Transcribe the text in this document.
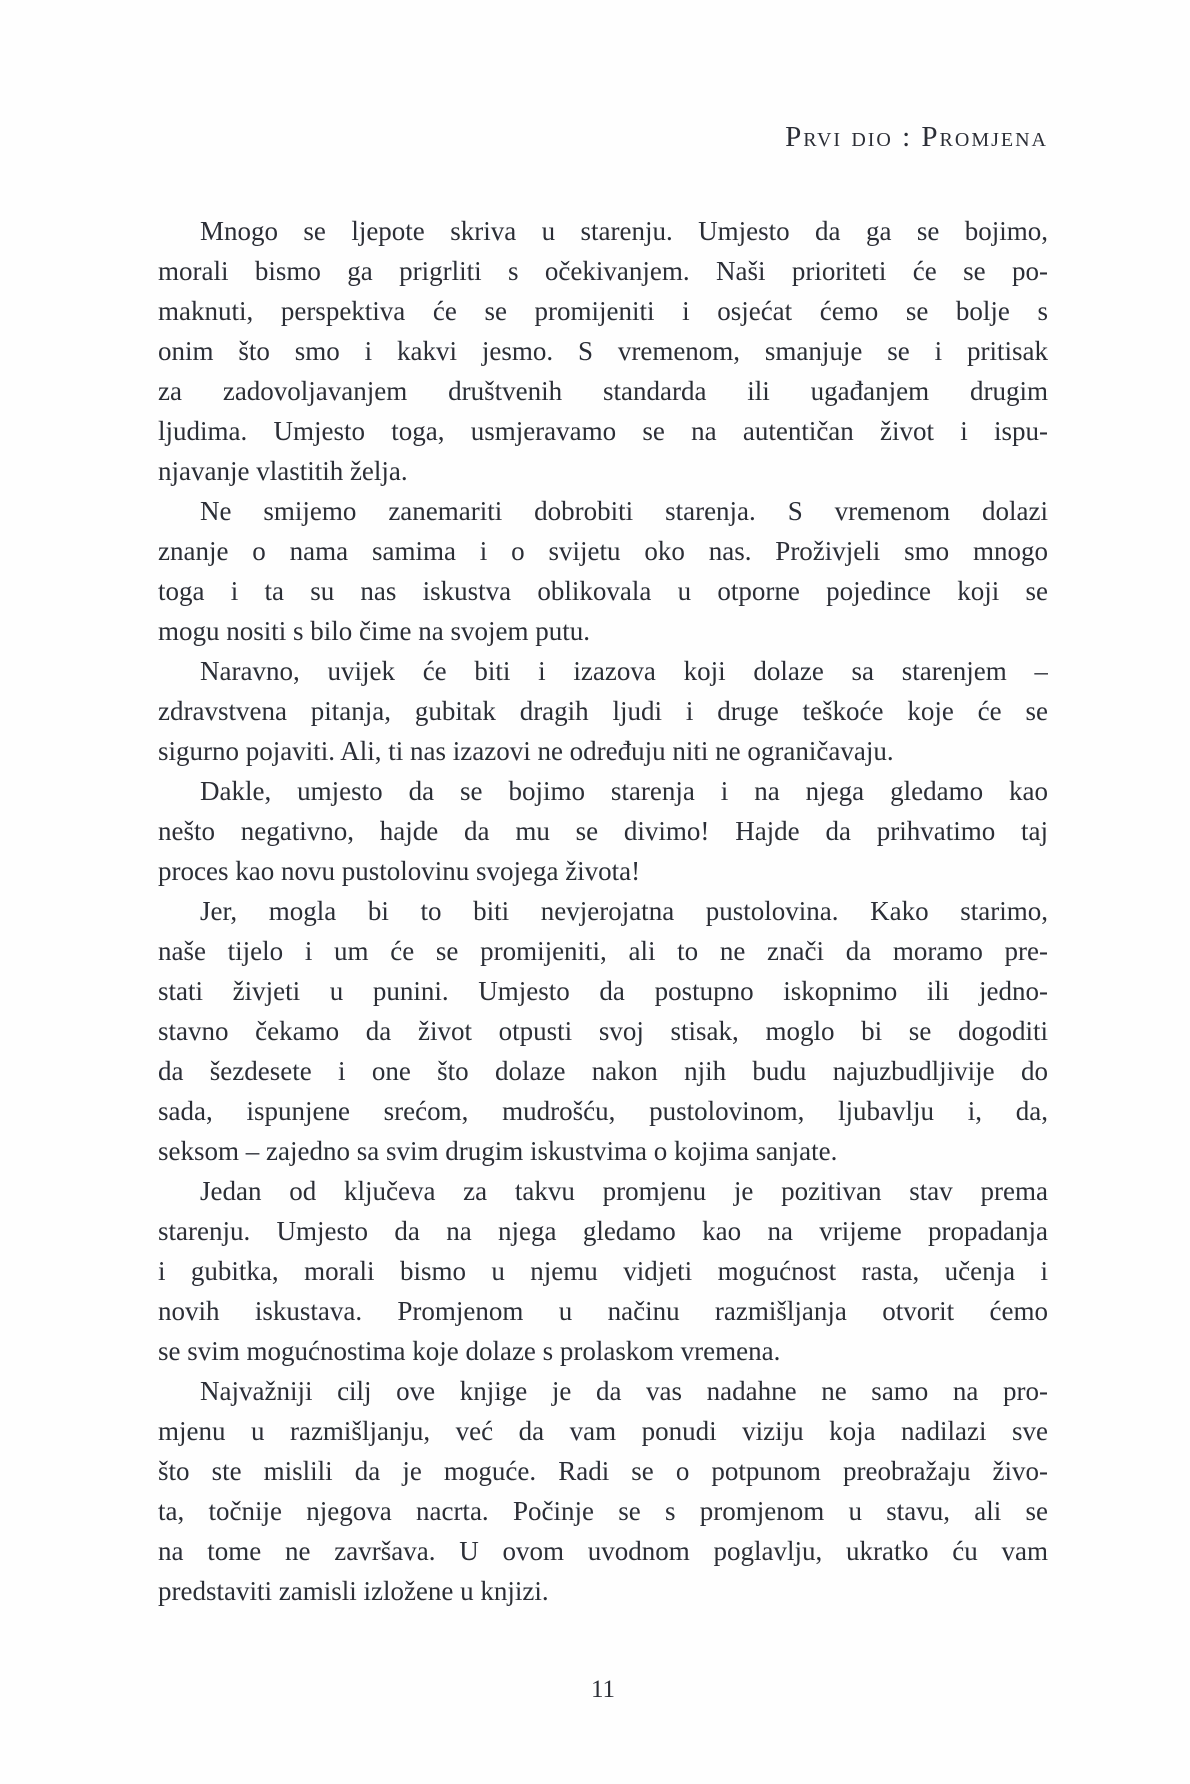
Prvi dio : Promjena
Mnogo se ljepote skriva u starenju. Umjesto da ga se bojimo,
morali bismo ga prigrliti s očekivanjem. Naši prioriteti će se po-
maknuti, perspektiva će se promijeniti i osjećat ćemo se bolje s
onim što smo i kakvi jesmo. S vremenom, smanjuje se i pritisak
za zadovoljavanjem društvenih standarda ili ugađanjem drugim
ljudima. Umjesto toga, usmjeravamo se na autentičan život i ispu-
njavanje vlastitih želja.
Ne smijemo zanemariti dobrobiti starenja. S vremenom dolazi
znanje o nama samima i o svijetu oko nas. Proživjeli smo mnogo
toga i ta su nas iskustva oblikovala u otporne pojedince koji se
mogu nositi s bilo čime na svojem putu.
Naravno, uvijek će biti i izazova koji dolaze sa starenjem –
zdravstvena pitanja, gubitak dragih ljudi i druge teškoće koje će se
sigurno pojaviti. Ali, ti nas izazovi ne određuju niti ne ograničavaju.
Dakle, umjesto da se bojimo starenja i na njega gledamo kao
nešto negativno, hajde da mu se divimo! Hajde da prihvatimo taj
proces kao novu pustolovinu svojega života!
Jer, mogla bi to biti nevjerojatna pustolovina. Kako starimo,
naše tijelo i um će se promijeniti, ali to ne znači da moramo pre-
stati živjeti u punini. Umjesto da postupno iskopnimo ili jedno-
stavno čekamo da život otpusti svoj stisak, moglo bi se dogoditi
da šezdesete i one što dolaze nakon njih budu najuzbudljivije do
sada, ispunjene srećom, mudrošću, pustolovinom, ljubavlju i, da,
seksom – zajedno sa svim drugim iskustvima o kojima sanjate.
Jedan od ključeva za takvu promjenu je pozitivan stav prema
starenju. Umjesto da na njega gledamo kao na vrijeme propadanja
i gubitka, morali bismo u njemu vidjeti mogućnost rasta, učenja i
novih iskustava. Promjenom u načinu razmišljanja otvorit ćemo
se svim mogućnostima koje dolaze s prolaskom vremena.
Najvažniji cilj ove knjige je da vas nadahne ne samo na pro-
mjenu u razmišljanju, već da vam ponudi viziju koja nadilazi sve
što ste mislili da je moguće. Radi se o potpunom preobražaju živo-
ta, točnije njegova nacrta. Počinje se s promjenom u stavu, ali se
na tome ne završava. U ovom uvodnom poglavlju, ukratko ću vam
predstaviti zamisli izložene u knjizi.
11
